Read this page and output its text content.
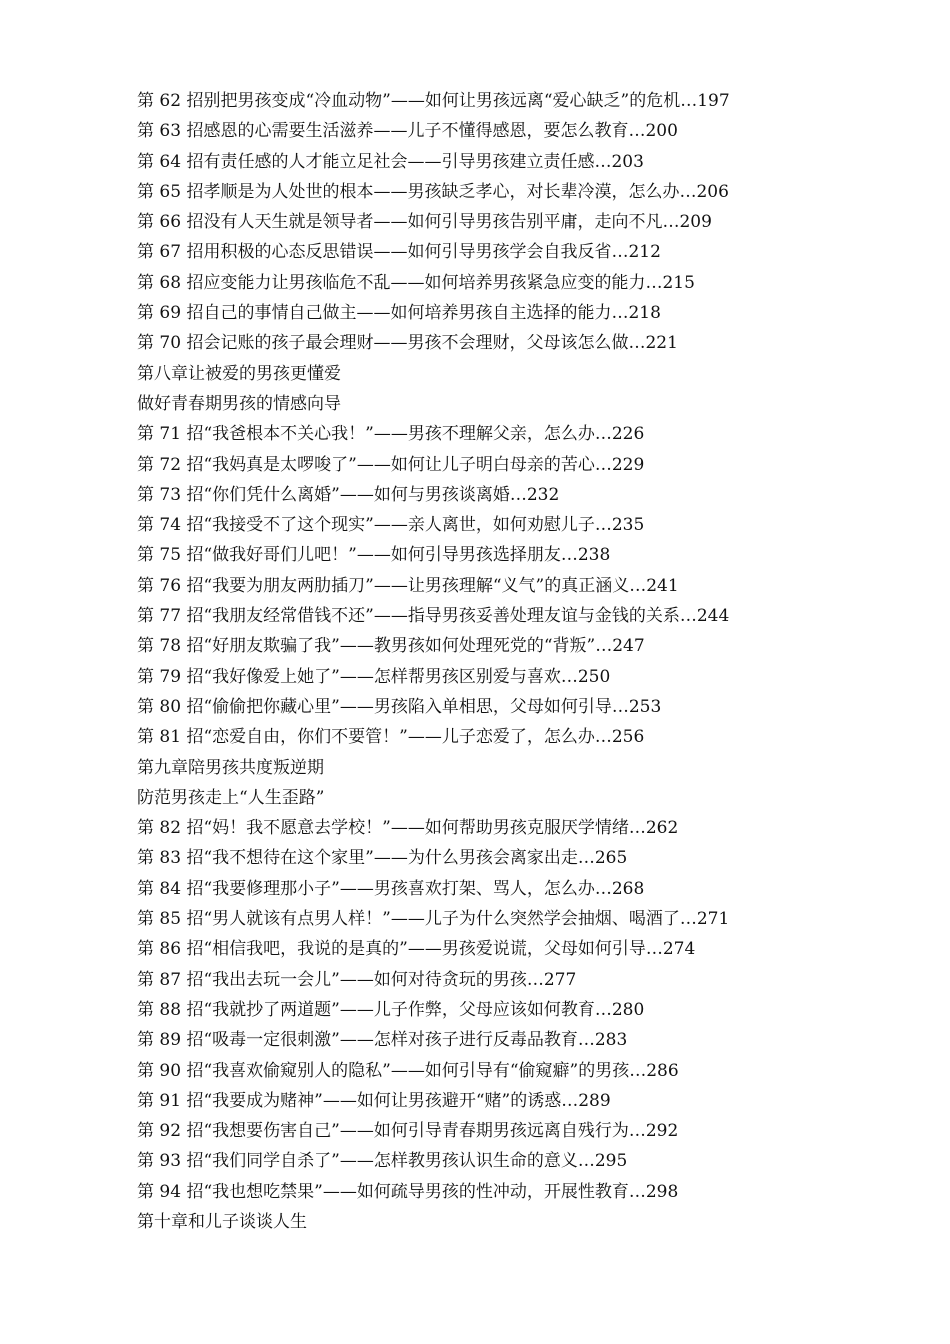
第 62 招别把男孩变成“冷血动物”——如何让男孩远离“爱心缺乏”的危机…197
第 63 招感恩的心需要生活滋养——儿子不懂得感恩，要怎么教育…200
第 64 招有责任感的人才能立足社会——引导男孩建立责任感…203
第 65 招孝顺是为人处世的根本——男孩缺乏孝心，对长辈冷漠，怎么办…206
第 66 招没有人天生就是领导者——如何引导男孩告别平庸，走向不凡…209
第 67 招用积极的心态反思错误——如何引导男孩学会自我反省…212
第 68 招应变能力让男孩临危不乱——如何培养男孩紧急应变的能力…215
第 69 招自己的事情自己做主——如何培养男孩自主选择的能力…218
第 70 招会记账的孩子最会理财——男孩不会理财，父母该怎么做…221
第八章让被爱的男孩更懂爱
做好青春期男孩的情感向导
第 71 招“我爸根本不关心我！”——男孩不理解父亲，怎么办…226
第 72 招“我妈真是太啰唆了”——如何让儿子明白母亲的苦心…229
第 73 招“你们凭什么离婚”——如何与男孩谈离婚…232
第 74 招“我接受不了这个现实”——亲人离世，如何劝慰儿子…235
第 75 招“做我好哥们儿吧！”——如何引导男孩选择朋友…238
第 76 招“我要为朋友两肋插刀”——让男孩理解“义气”的真正涵义…241
第 77 招“我朋友经常借钱不还”——指导男孩妥善处理友谊与金钱的关系…244
第 78 招“好朋友欺骗了我”——教男孩如何处理死党的“背叛”…247
第 79 招“我好像爱上她了”——怎样帮男孩区别爱与喜欢…250
第 80 招“偷偷把你藏心里”——男孩陷入单相思，父母如何引导…253
第 81 招“恋爱自由，你们不要管！”——儿子恋爱了，怎么办…256
第九章陪男孩共度叛逆期
防范男孩走上“人生歪路”
第 82 招“妈！我不愿意去学校！”——如何帮助男孩克服厌学情绪…262
第 83 招“我不想待在这个家里”——为什么男孩会离家出走…265
第 84 招“我要修理那小子”——男孩喜欢打架、骂人，怎么办…268
第 85 招“男人就该有点男人样！”——儿子为什么突然学会抽烟、喝酒了…271
第 86 招“相信我吧，我说的是真的”——男孩爱说谎，父母如何引导…274
第 87 招“我出去玩一会儿”——如何对待贪玩的男孩…277
第 88 招“我就抄了两道题”——儿子作弊，父母应该如何教育…280
第 89 招“吸毒一定很刺激”——怎样对孩子进行反毒品教育…283
第 90 招“我喜欢偷窥别人的隐私”——如何引导有“偷窥癖”的男孩…286
第 91 招“我要成为赌神”——如何让男孩避开“赌”的诱惑…289
第 92 招“我想要伤害自己”——如何引导青春期男孩远离自残行为…292
第 93 招“我们同学自杀了”——怎样教男孩认识生命的意义…295
第 94 招“我也想吃禁果”——如何疏导男孩的性冲动，开展性教育…298
第十章和儿子谈谈人生
